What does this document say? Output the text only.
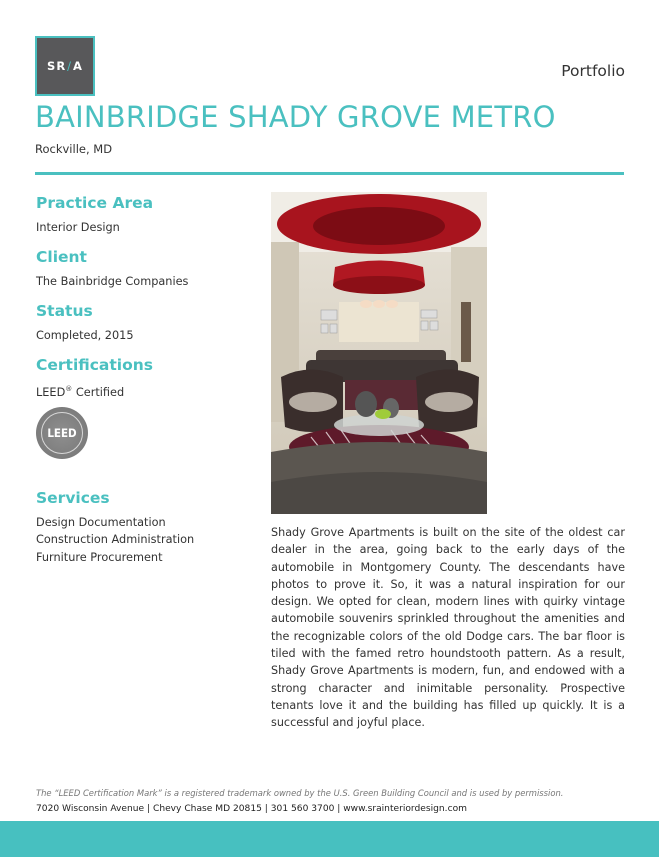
SR / A	Portfolio
BAINBRIDGE SHADY GROVE METRO
Rockville, MD
Practice Area
Interior Design
Client
The Bainbridge Companies
Status
Completed, 2015
Certifications
LEED® Certified
LEED
Services
Design Documentation
Construction Administration
Furniture Procurement

Shady Grove Apartments is built on the site of the oldest car dealer in the area, going back to the early days of the automobile in Montgomery County. The descendants have photos to prove it. So, it was a natural inspiration for our design. We opted for clean, modern lines with quirky vintage automobile souvenirs sprinkled throughout the amenities and the recognizable colors of the old Dodge cars. The bar floor is tiled with the famed retro houndstooth pattern. As a result, Shady Grove Apartments is modern, fun, and endowed with a strong character and inimitable personality. Prospective tenants love it and the building has filled up quickly. It is a successful and joyful place.

The “LEED Certification Mark” is a registered trademark owned by the U.S. Green Building Council and is used by permission.
7020 Wisconsin Avenue | Chevy Chase MD 20815 | 301 560 3700 | www.srainteriordesign.com
